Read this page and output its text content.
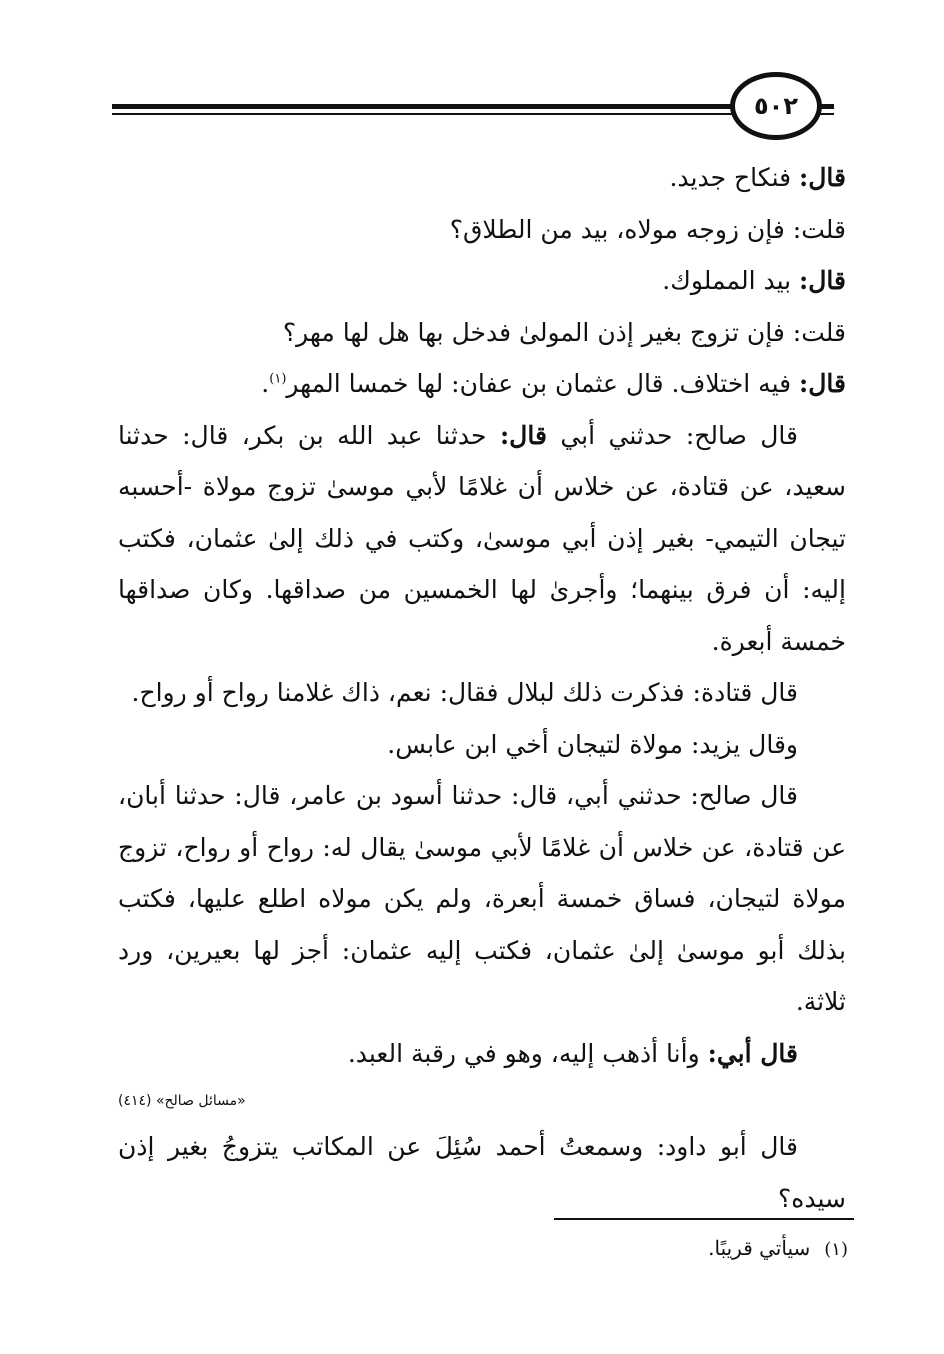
٥٠٢

قال: فنكاح جديد.

قلت: فإن زوجه مولاه، بيد من الطلاق؟

قال: بيد المملوك.

قلت: فإن تزوج بغير إذن المولىٰ فدخل بها هل لها مهر؟

قال: فيه اختلاف. قال عثمان بن عفان: لها خمسا المهر$^{(١)}$.

قال صالح: حدثني أبي قال: حدثنا عبد الله بن بكر، قال: حدثنا سعيد، عن قتادة، عن خلاس أن غلامًا لأبي موسىٰ تزوج مولاة -أحسبه تيجان التيمي- بغير إذن أبي موسىٰ، وكتب في ذلك إلىٰ عثمان، فكتب إليه: أن فرق بينهما؛ وأجرىٰ لها الخمسين من صداقها. وكان صداقها خمسة أبعرة.

قال قتادة: فذكرت ذلك لبلال فقال: نعم، ذاك غلامنا رواح أو رواح.

وقال يزيد: مولاة لتيجان أخي ابن عابس.

قال صالح: حدثني أبي، قال: حدثنا أسود بن عامر، قال: حدثنا أبان، عن قتادة، عن خلاس أن غلامًا لأبي موسىٰ يقال له: رواح أو رواح، تزوج مولاة لتيجان، فساق خمسة أبعرة، ولم يكن مولاه اطلع عليها، فكتب بذلك أبو موسىٰ إلىٰ عثمان، فكتب إليه عثمان: أجز لها بعيرين، ورد ثلاثة.

قال أبي: وأنا أذهب إليه، وهو في رقبة العبد.

«مسائل صالح» (٤١٤)

قال أبو داود: وسمعتُ أحمد سُئِلَ عن المكاتب يتزوجُ بغير إذن سيده؟

(١)سيأتي قريبًا.
